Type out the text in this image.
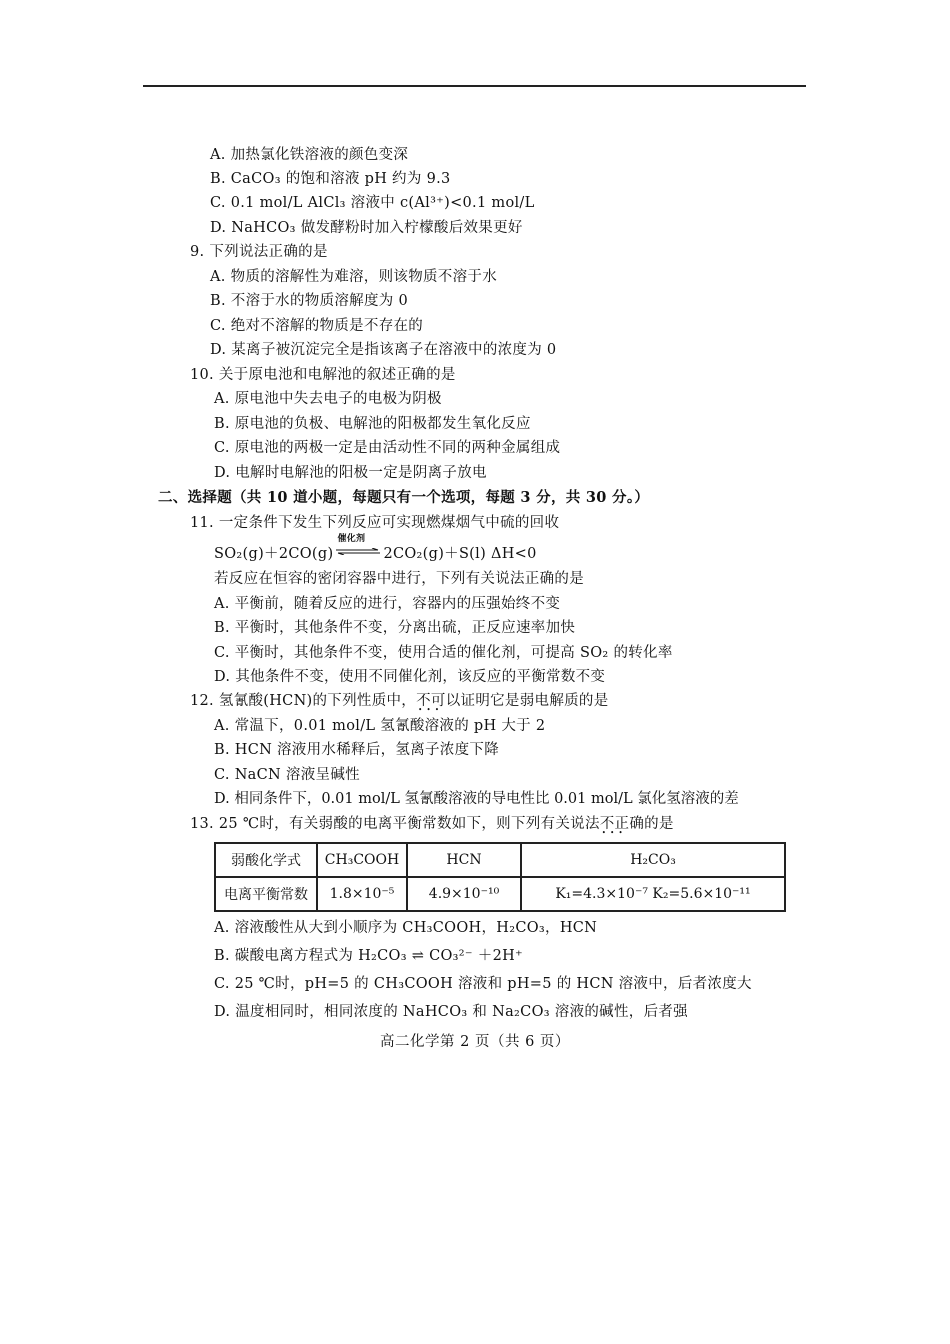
A. 加热氯化铁溶液的颜色变深
B. CaCO₃ 的饱和溶液 pH 约为 9.3
C. 0.1 mol/L AlCl₃ 溶液中 c(Al³⁺)<0.1 mol/L
D. NaHCO₃ 做发酵粉时加入柠檬酸后效果更好
9. 下列说法正确的是
A. 物质的溶解性为难溶，则该物质不溶于水
B. 不溶于水的物质溶解度为 0
C. 绝对不溶解的物质是不存在的
D. 某离子被沉淀完全是指该离子在溶液中的浓度为 0
10. 关于原电池和电解池的叙述正确的是
A. 原电池中失去电子的电极为阴极
B. 原电池的负极、电解池的阳极都发生氧化反应
C. 原电池的两极一定是由活动性不同的两种金属组成
D. 电解时电解池的阳极一定是阴离子放电
二、选择题（共 10 道小题，每题只有一个选项，每题 3 分，共 30 分。）
11. 一定条件下发生下列反应可实现燃煤烟气中硫的回收
SO₂(g)＋2CO(g)
催化剂
2CO₂(g)＋S(l) ΔH<0
若反应在恒容的密闭容器中进行，下列有关说法正确的是
A. 平衡前，随着反应的进行，容器内的压强始终不变
B. 平衡时，其他条件不变，分离出硫，正反应速率加快
C. 平衡时，其他条件不变，使用合适的催化剂，可提高 SO₂ 的转化率
D. 其他条件不变，使用不同催化剂，该反应的平衡常数不变
12. 氢氰酸(HCN)的下列性质中，不可以 • • •证明它是弱电解质的是
A. 常温下，0.01 mol/L 氢氰酸溶液的 pH 大于 2
B. HCN 溶液用水稀释后，氢离子浓度下降
C. NaCN 溶液呈碱性
D. 相同条件下，0.01 mol/L 氢氰酸溶液的导电性比 0.01 mol/L 氯化氢溶液的差
13. 25 ℃时，有关弱酸的电离平衡常数如下，则下列有关说法不正确 • • •的是
弱酸化学式	CH₃COOH	HCN	H₂CO₃
电离平衡常数	1.8×10⁻⁵	4.9×10⁻¹⁰	K₁=4.3×10⁻⁷ K₂=5.6×10⁻¹¹
A. 溶液酸性从大到小顺序为 CH₃COOH，H₂CO₃，HCN
B. 碳酸电离方程式为 H₂CO₃ ⇌ CO₃²⁻ ＋2H⁺
C. 25 ℃时，pH=5 的 CH₃COOH 溶液和 pH=5 的 HCN 溶液中，后者浓度大
D. 温度相同时，相同浓度的 NaHCO₃ 和 Na₂CO₃ 溶液的碱性，后者强
高二化学第 2 页（共 6 页）
